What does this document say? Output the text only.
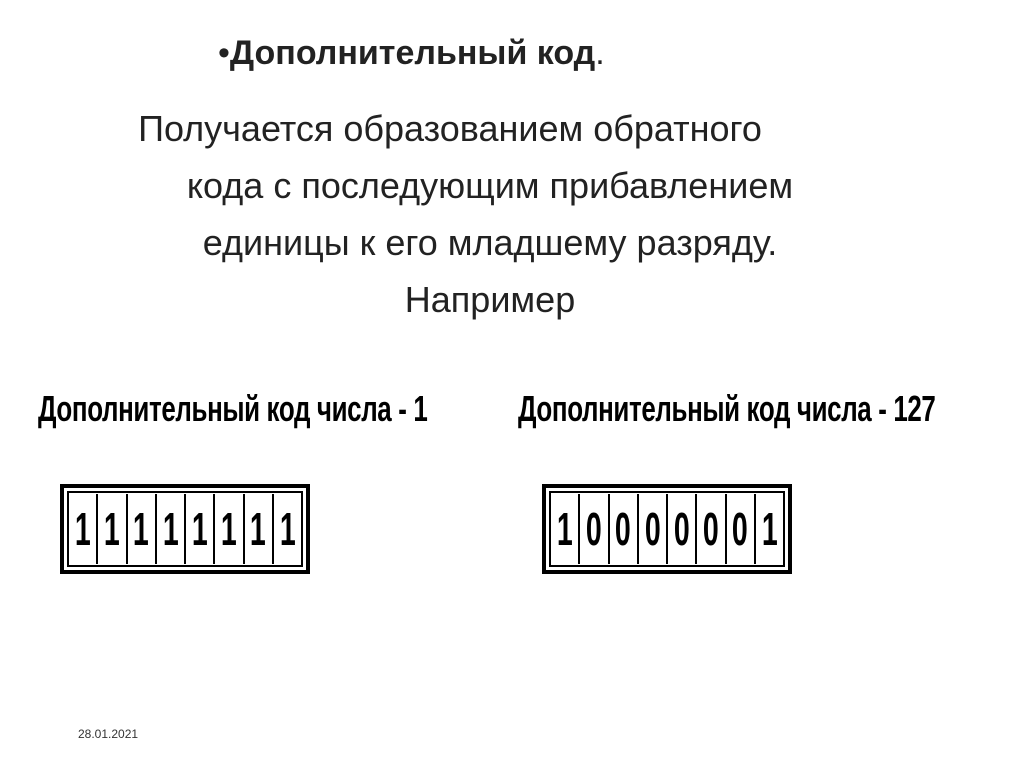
•Дополнительный код.
Получается образованием обратного
кода с последующим прибавлением
единицы к его младшему разряду.
Например
Дополнительный код числа - 1	Дополнительный код числа - 127
1 1 1 1 1 1 1 1	1 0 0 0 0 0 0 1
28.01.2021
